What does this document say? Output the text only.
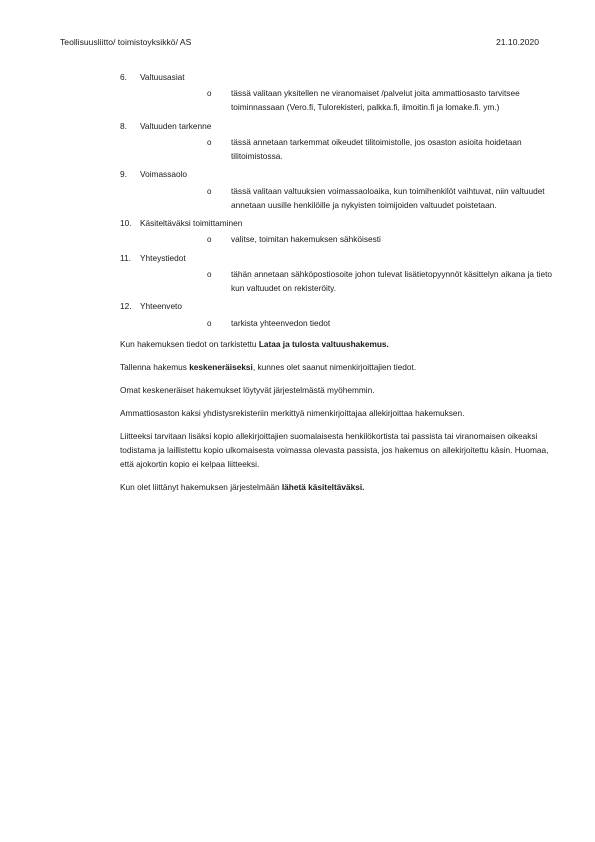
Teollisuusliitto/ toimistoyksikkö/ AS	21.10.2020
6. Valtuusasiat
o tässä valitaan yksitellen ne viranomaiset /palvelut joita ammattiosasto tarvitsee toiminnassaan (Vero.fi, Tulorekisteri, palkka.fi, ilmoitin.fi ja lomake.fi. ym.)
8. Valtuuden tarkenne
o tässä annetaan tarkemmat oikeudet tilitoimistolle, jos osaston asioita hoidetaan tilitoimistossa.
9. Voimassaolo
o tässä valitaan valtuuksien voimassaoloaika, kun toimihenkilöt vaihtuvat, niin valtuudet annetaan uusille henkilöille ja nykyisten toimijoiden valtuudet poistetaan.
10. Käsiteltäväksi toimittaminen
o valitse, toimitan hakemuksen sähköisesti
11. Yhteystiedot
o tähän annetaan sähköpostiosoite johon tulevat lisätietopyynnöt käsittelyn aikana ja tieto kun valtuudet on rekisteröity.
12. Yhteenveto
o tarkista yhteenvedon tiedot

Kun hakemuksen tiedot on tarkistettu Lataa ja tulosta valtuushakemus.

Tallenna hakemus keskeneräiseksi, kunnes olet saanut nimenkirjoittajien tiedot.

Omat keskeneräiset hakemukset löytyvät järjestelmästä myöhemmin.

Ammattiosaston kaksi yhdistysrekisteriin merkittyä nimenkirjoittajaa allekirjoittaa hakemuksen.

Liitteeksi tarvitaan lisäksi kopio allekirjoittajien suomalaisesta henkilökortista tai passista tai viranomaisen oikeaksi todistama ja laillistettu kopio ulkomaisesta voimassa olevasta passista, jos hakemus on allekirjoitettu käsin. Huomaa, että ajokortin kopio ei kelpaa liitteeksi.

Kun olet liittänyt hakemuksen järjestelmään lähetä käsiteltäväksi.
